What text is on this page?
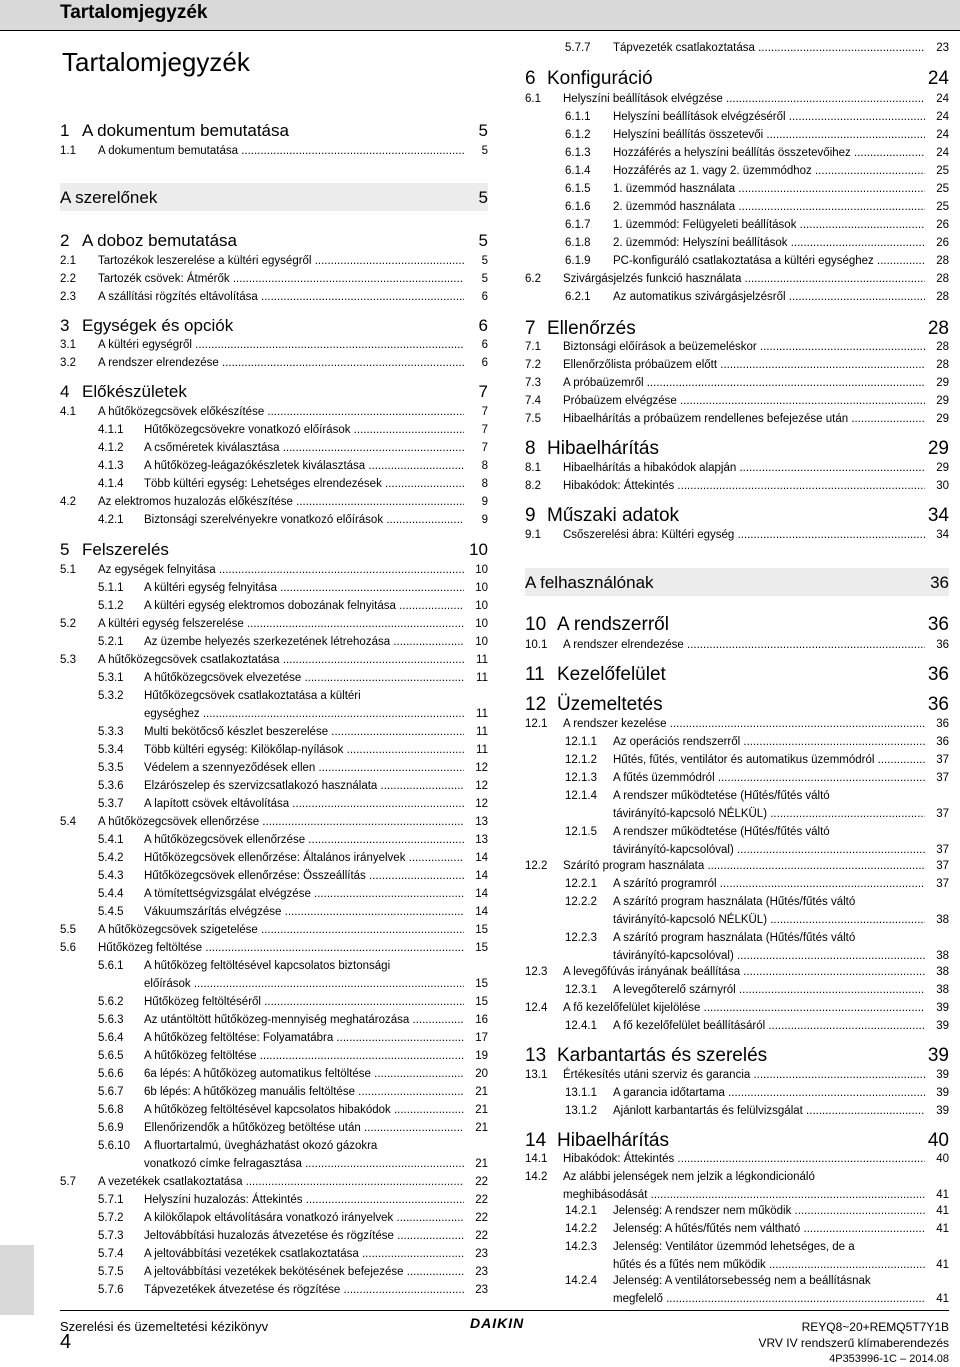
Tartalomjegyzék
Tartalomjegyzék
1 A dokumentum bemutatása	5
1.1 A dokumentum bemutatása .....	5
A szerelőnek	5
2 A doboz bemutatása	5
2.1 Tartozékok leszerelése a kültéri egységről .....	5
2.2 Tartozék csövek: Átmérők .....	5
2.3 A szállítási rögzítés eltávolítása .....	6
3 Egységek és opciók	6
3.1 A kültéri egységről .....	6
3.2 A rendszer elrendezése .....	6
4 Előkészületek	7
4.1 A hűtőközegcsövek előkészítése .....	7
4.1.1 Hűtőközegcsövekre vonatkozó előírások .....	7
4.1.2 A csőméretek kiválasztása .....	7
4.1.3 A hűtőközeg-leágazókészletek kiválasztása .....	8
4.1.4 Több kültéri egység: Lehetséges elrendezések .....	8
4.2 Az elektromos huzalozás előkészítése .....	9
4.2.1 Biztonsági szerelvényekre vonatkozó előírások .....	9
5 Felszerelés	10
5.1 Az egységek felnyitása .....	10
5.1.1 A kültéri egység felnyitása .....	10
5.1.2 A kültéri egység elektromos dobozának felnyitása .....	10
5.2 A kültéri egység felszerelése .....	10
5.2.1 Az üzembe helyezés szerkezetének létrehozása .....	10
5.3 A hűtőközegcsövek csatlakoztatása .....	11
5.3.1 A hűtőközegcsövek elvezetése .....	11
5.3.2 Hűtőközegcsövek csatlakoztatása a kültéri
egységhez .....	11
5.3.3 Multi bekötőcső készlet beszerelése .....	11
5.3.4 Több kültéri egység: Kilökőlap-nyílások .....	11
5.3.5 Védelem a szennyeződések ellen .....	12
5.3.6 Elzárószelep és szervizcsatlakozó használata .....	12
5.3.7 A lapított csövek eltávolítása .....	12
5.4 A hűtőközegcsövek ellenőrzése .....	13
5.4.1 A hűtőközegcsövek ellenőrzése .....	13
5.4.2 Hűtőközegcsövek ellenőrzése: Általános irányelvek .....	14
5.4.3 Hűtőközegcsövek ellenőrzése: Összeállítás .....	14
5.4.4 A tömítettségvizsgálat elvégzése .....	14
5.4.5 Vákuumszárítás elvégzése .....	14
5.5 A hűtőközegcsövek szigetelése .....	15
5.6 Hűtőközeg feltöltése .....	15
5.6.1 A hűtőközeg feltöltésével kapcsolatos biztonsági
előírások .....	15
5.6.2 Hűtőközeg feltöltéséről .....	15
5.6.3 Az utántöltött hűtőközeg-mennyiség meghatározása .....	16
5.6.4 A hűtőközeg feltöltése: Folyamatábra .....	17
5.6.5 A hűtőközeg feltöltése .....	19
5.6.6 6a lépés: A hűtőközeg automatikus feltöltése .....	20
5.6.7 6b lépés: A hűtőközeg manuális feltöltése .....	21
5.6.8 A hűtőközeg feltöltésével kapcsolatos hibakódok .....	21
5.6.9 Ellenőrizendők a hűtőközeg betöltése után .....	21
5.6.10 A fluortartalmú, üvegházhatást okozó gázokra
vonatkozó címke felragasztása .....	21
5.7 A vezetékek csatlakoztatása .....	22
5.7.1 Helyszíni huzalozás: Áttekintés .....	22
5.7.2 A kilökőlapok eltávolítására vonatkozó irányelvek .....	22
5.7.3 Jeltovábbítási huzalozás átvezetése és rögzítése .....	22
5.7.4 A jeltovábbítási vezetékek csatlakoztatása .....	23
5.7.5 A jeltovábbítási vezetékek bekötésének befejezése .....	23
5.7.6 Tápvezetékek átvezetése és rögzítése .....	23
5.7.7 Tápvezeték csatlakoztatása .....	23
6 Konfiguráció	24
6.1 Helyszíni beállítások elvégzése .....	24
6.1.1 Helyszíni beállítások elvégzéséről .....	24
6.1.2 Helyszíni beállítás összetevői .....	24
6.1.3 Hozzáférés a helyszíni beállítás összetevőihez .....	24
6.1.4 Hozzáférés az 1. vagy 2. üzemmódhoz .....	25
6.1.5 1. üzemmód használata .....	25
6.1.6 2. üzemmód használata .....	25
6.1.7 1. üzemmód: Felügyeleti beállítások .....	26
6.1.8 2. üzemmód: Helyszíni beállítások .....	26
6.1.9 PC-konfiguráló csatlakoztatása a kültéri egységhez .....	28
6.2 Szivárgásjelzés funkció használata .....	28
6.2.1 Az automatikus szivárgásjelzésről .....	28
7 Ellenőrzés	28
7.1 Biztonsági előírások a beüzemeléskor .....	28
7.2 Ellenőrzőlista próbaüzem előtt .....	28
7.3 A próbaüzemről .....	29
7.4 Próbaüzem elvégzése .....	29
7.5 Hibaelhárítás a próbaüzem rendellenes befejezése után .....	29
8 Hibaelhárítás	29
8.1 Hibaelhárítás a hibakódok alapján .....	29
8.2 Hibakódok: Áttekintés .....	30
9 Műszaki adatok	34
9.1 Csőszerelési ábra: Kültéri egység .....	34
A felhasználónak	36
10 A rendszerről	36
10.1 A rendszer elrendezése .....	36
11 Kezelőfelület	36
12 Üzemeltetés	36
12.1 A rendszer kezelése .....	36
12.1.1 Az operációs rendszerről .....	36
12.1.2 Hűtés, fűtés, ventilátor és automatikus üzemmódról .....	37
12.1.3 A fűtés üzemmódról .....	37
12.1.4 A rendszer működtetése (Hűtés/fűtés váltó
távirányító-kapcsoló NÉLKÜL) .....	37
12.1.5 A rendszer működtetése (Hűtés/fűtés váltó
távirányító-kapcsolóval) .....	37
12.2 Szárító program használata .....	37
12.2.1 A szárító programról .....	37
12.2.2 A szárító program használata (Hűtés/fűtés váltó
távirányító-kapcsoló NÉLKÜL) .....	38
12.2.3 A szárító program használata (Hűtés/fűtés váltó
távirányító-kapcsolóval) .....	38
12.3 A levegőfúvás irányának beállítása .....	38
12.3.1 A levegőterelő szárnyról .....	38
12.4 A fő kezelőfelület kijelölése .....	39
12.4.1 A fő kezelőfelület beállításáról .....	39
13 Karbantartás és szerelés	39
13.1 Értékesítés utáni szerviz és garancia .....	39
13.1.1 A garancia időtartama .....	39
13.1.2 Ajánlott karbantartás és felülvizsgálat .....	39
14 Hibaelhárítás	40
14.1 Hibakódok: Áttekintés .....	40
14.2 Az alábbi jelenségek nem jelzik a légkondicionáló
meghibásodását .....	41
14.2.1 Jelenség: A rendszer nem működik .....	41
14.2.2 Jelenség: A hűtés/fűtés nem váltható .....	41
14.2.3 Jelenség: Ventilátor üzemmód lehetséges, de a
hűtés és a fűtés nem működik .....	41
14.2.4 Jelenség: A ventilátorsebesség nem a beállításnak
megfelelő .....	41
Szerelési és üzemeltetési kézikönyv
4
DAIKIN	REYQ8~20+REMQ5T7Y1B
VRV IV rendszerű klímaberendezés
4P353996-1C – 2014.08
